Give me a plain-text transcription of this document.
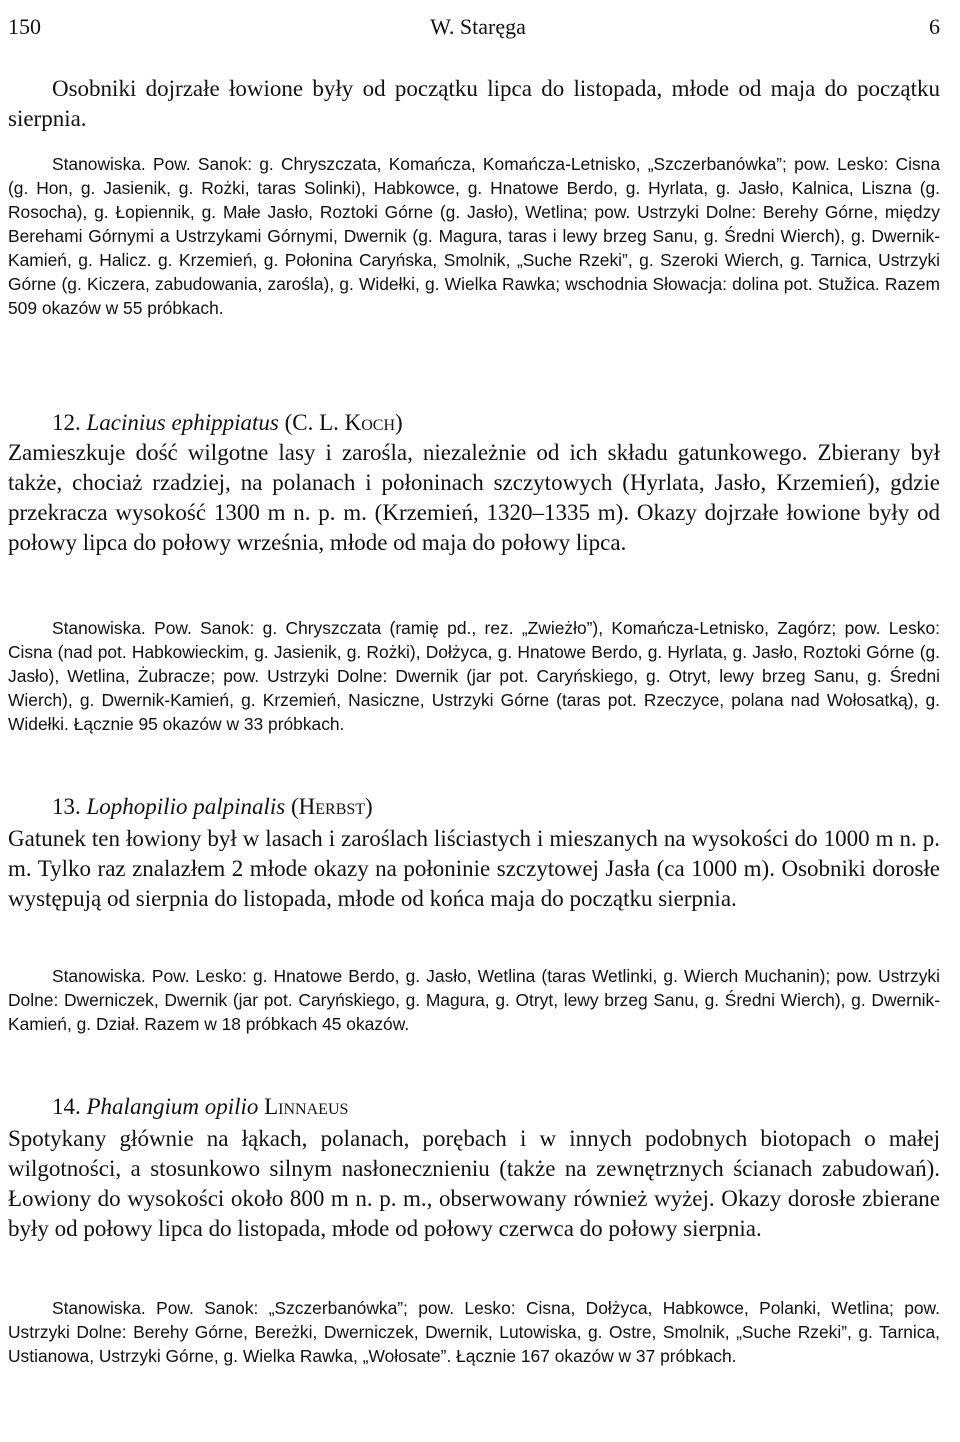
150	W. Staręga	6

Osobniki dojrzałe łowione były od początku lipca do listopada, młode od maja do początku sierpnia.

Stanowiska. Pow. Sanok: g. Chryszczata, Komańcza, Komańcza-Letnisko, „Szczerbanówka”; pow. Lesko: Cisna (g. Hon, g. Jasienik, g. Rożki, taras Solinki), Habkowce, g. Hnatowe Berdo, g. Hyrlata, g. Jasło, Kalnica, Liszna (g. Rosocha), g. Łopiennik, g. Małe Jasło, Roztoki Górne (g. Jasło), Wetlina; pow. Ustrzyki Dolne: Berehy Górne, między Berehami Górnymi a Ustrzykami Górnymi, Dwernik (g. Magura, taras i lewy brzeg Sanu, g. Średni Wierch), g. Dwernik-Kamień, g. Halicz. g. Krzemień, g. Połonina Caryńska, Smolnik, „Suche Rzeki”, g. Szeroki Wierch, g. Tarnica, Ustrzyki Górne (g. Kiczera, zabudowania, zarośla), g. Widełki, g. Wielka Rawka; wschodnia Słowacja: dolina pot. Stužica. Razem 509 okazów w 55 próbkach.

12. Lacinius ephippiatus (C. L. Koch)

Zamieszkuje dość wilgotne lasy i zarośla, niezależnie od ich składu gatunkowego. Zbierany był także, chociaż rzadziej, na polanach i połoninach szczytowych (Hyrlata, Jasło, Krzemień), gdzie przekracza wysokość 1300 m n. p. m. (Krzemień, 1320–1335 m). Okazy dojrzałe łowione były od połowy lipca do połowy września, młode od maja do połowy lipca.

Stanowiska. Pow. Sanok: g. Chryszczata (ramię pd., rez. „Zwieżło”), Komańcza-Letnisko, Zagórz; pow. Lesko: Cisna (nad pot. Habkowieckim, g. Jasienik, g. Rożki), Dołżyca, g. Hnatowe Berdo, g. Hyrlata, g. Jasło, Roztoki Górne (g. Jasło), Wetlina, Żubracze; pow. Ustrzyki Dolne: Dwernik (jar pot. Caryńskiego, g. Otryt, lewy brzeg Sanu, g. Średni Wierch), g. Dwernik-Kamień, g. Krzemień, Nasiczne, Ustrzyki Górne (taras pot. Rzeczyce, polana nad Wołosatką), g. Widełki. Łącznie 95 okazów w 33 próbkach.

13. Lophopilio palpinalis (Herbst)

Gatunek ten łowiony był w lasach i zaroślach liściastych i mieszanych na wysokości do 1000 m n. p. m. Tylko raz znalazłem 2 młode okazy na połoninie szczytowej Jasła (ca 1000 m). Osobniki dorosłe występują od sierpnia do listopada, młode od końca maja do początku sierpnia.

Stanowiska. Pow. Lesko: g. Hnatowe Berdo, g. Jasło, Wetlina (taras Wetlinki, g. Wierch Muchanin); pow. Ustrzyki Dolne: Dwerniczek, Dwernik (jar pot. Caryńskiego, g. Magura, g. Otryt, lewy brzeg Sanu, g. Średni Wierch), g. Dwernik-Kamień, g. Dział. Razem w 18 próbkach 45 okazów.

14. Phalangium opilio Linnaeus

Spotykany głównie na łąkach, polanach, porębach i w innych podobnych biotopach o małej wilgotności, a stosunkowo silnym nasłonecznieniu (także na zewnętrznych ścianach zabudowań). Łowiony do wysokości około 800 m n. p. m., obserwowany również wyżej. Okazy dorosłe zbierane były od połowy lipca do listopada, młode od połowy czerwca do połowy sierpnia.

Stanowiska. Pow. Sanok: „Szczerbanówka”; pow. Lesko: Cisna, Dołżyca, Habkowce, Polanki, Wetlina; pow. Ustrzyki Dolne: Berehy Górne, Bereżki, Dwerniczek, Dwernik, Lutowiska, g. Ostre, Smolnik, „Suche Rzeki”, g. Tarnica, Ustianowa, Ustrzyki Górne, g. Wielka Rawka, „Wołosate”. Łącznie 167 okazów w 37 próbkach.
